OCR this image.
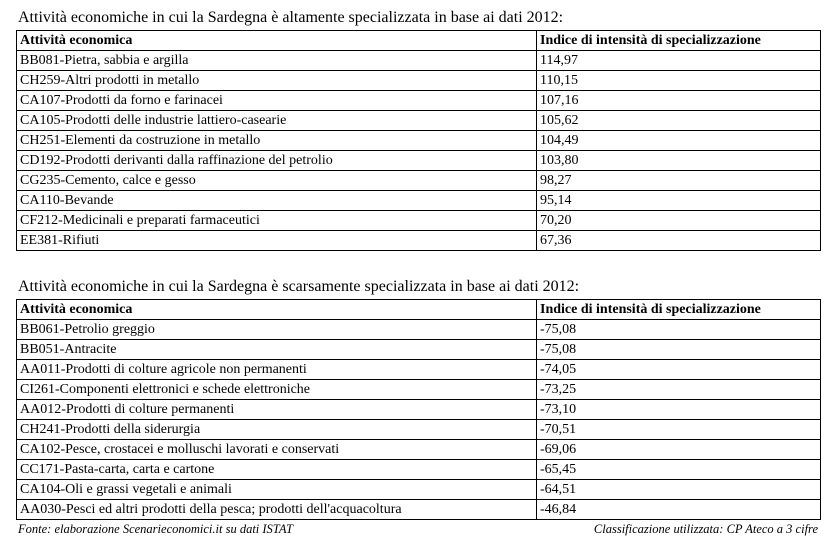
Attività economiche in cui la Sardegna è altamente specializzata in base ai dati 2012:
Attività economica	Indice di intensità di specializzazione
BB081-Pietra, sabbia e argilla	114,97
CH259-Altri prodotti in metallo	110,15
CA107-Prodotti da forno e farinacei	107,16
CA105-Prodotti delle industrie lattiero-casearie	105,62
CH251-Elementi da costruzione in metallo	104,49
CD192-Prodotti derivanti dalla raffinazione del petrolio	103,80
CG235-Cemento, calce e gesso	98,27
CA110-Bevande	95,14
CF212-Medicinali e preparati farmaceutici	70,20
EE381-Rifiuti	67,36
Attività economiche in cui la Sardegna è scarsamente specializzata in base ai dati 2012:
Attività economica	Indice di intensità di specializzazione
BB061-Petrolio greggio	-75,08
BB051-Antracite	-75,08
AA011-Prodotti di colture agricole non permanenti	-74,05
CI261-Componenti elettronici e schede elettroniche	-73,25
AA012-Prodotti di colture permanenti	-73,10
CH241-Prodotti della siderurgia	-70,51
CA102-Pesce, crostacei e molluschi lavorati e conservati	-69,06
CC171-Pasta-carta, carta e cartone	-65,45
CA104-Oli e grassi vegetali e animali	-64,51
AA030-Pesci ed altri prodotti della pesca; prodotti dell'acquacoltura	-46,84
Fonte: elaborazione Scenarieconomici.it su dati ISTAT	Classificazione utilizzata: CP Ateco a 3 cifre
